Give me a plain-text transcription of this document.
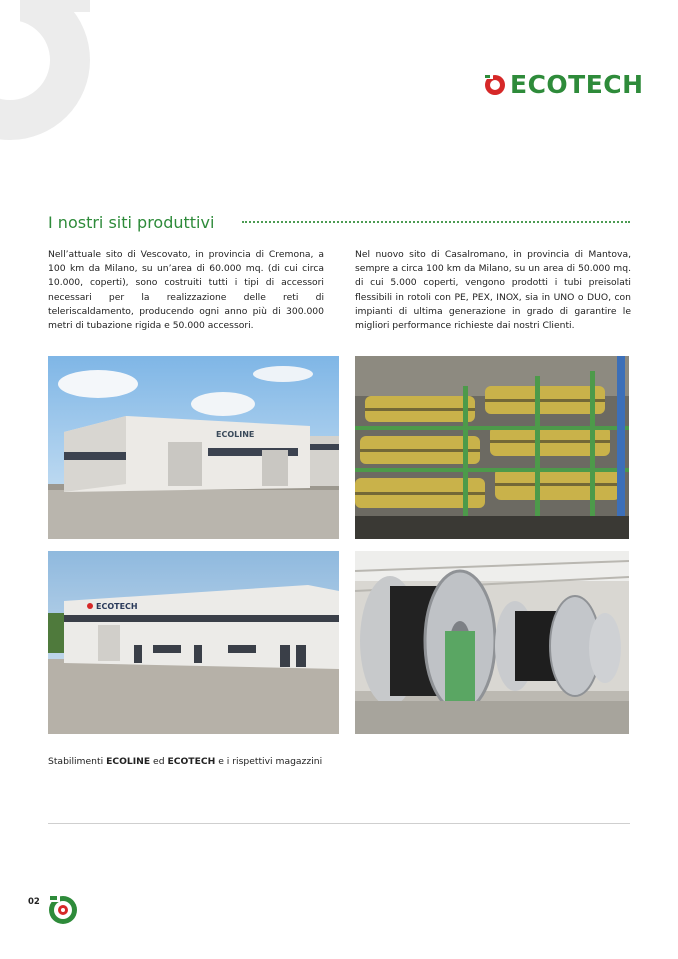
ECOTECH
I nostri siti produttivi

Nell’attuale sito di Vescovato, in provincia di Cremona, a 100 km da Milano, su un’area di 60.000 mq. (di cui circa 10.000, coperti), sono costruiti tutti i tipi di accessori necessari per la realizzazione delle reti di teleriscaldamento, producendo ogni anno più di 300.000 metri di tubazione rigida e 50.000 accessori.

Nel nuovo sito di Casalromano, in provincia di Mantova, sempre a circa 100 km da Milano, su un area di 50.000 mq. di cui 5.000 coperti, vengono prodotti i tubi preisolati flessibili in rotoli con PE, PEX, INOX, sia in UNO o DUO, con impianti di ultima generazione in grado di garantire le migliori performance richieste dai nostri Clienti.

ECOLINE
ECOTECH

Stabilimenti ECOLINE ed ECOTECH e i rispettivi magazzini

02
